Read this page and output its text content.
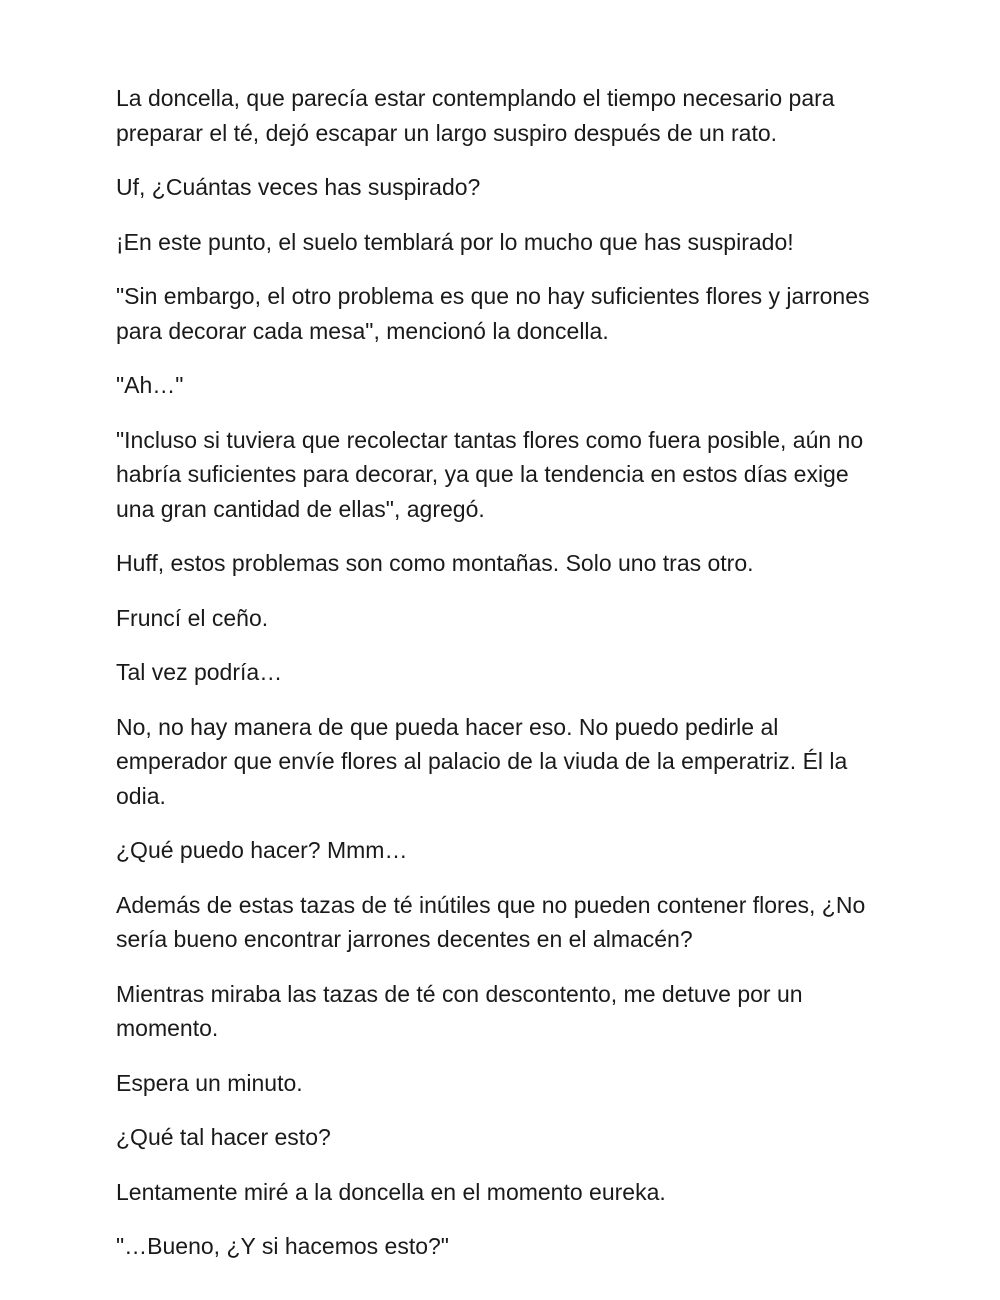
La doncella, que parecía estar contemplando el tiempo necesario para preparar el té, dejó escapar un largo suspiro después de un rato.

Uf, ¿Cuántas veces has suspirado?

¡En este punto, el suelo temblará por lo mucho que has suspirado!

"Sin embargo, el otro problema es que no hay suficientes flores y jarrones para decorar cada mesa", mencionó la doncella.

"Ah…"

"Incluso si tuviera que recolectar tantas flores como fuera posible, aún no habría suficientes para decorar, ya que la tendencia en estos días exige una gran cantidad de ellas", agregó.

Huff, estos problemas son como montañas. Solo uno tras otro.

Fruncí el ceño.

Tal vez podría…

No, no hay manera de que pueda hacer eso. No puedo pedirle al emperador que envíe flores al palacio de la viuda de la emperatriz. Él la odia.

¿Qué puedo hacer? Mmm…

Además de estas tazas de té inútiles que no pueden contener flores, ¿No sería bueno encontrar jarrones decentes en el almacén?

Mientras miraba las tazas de té con descontento, me detuve por un momento.

Espera un minuto.

¿Qué tal hacer esto?

Lentamente miré a la doncella en el momento eureka.

"…Bueno, ¿Y si hacemos esto?"
